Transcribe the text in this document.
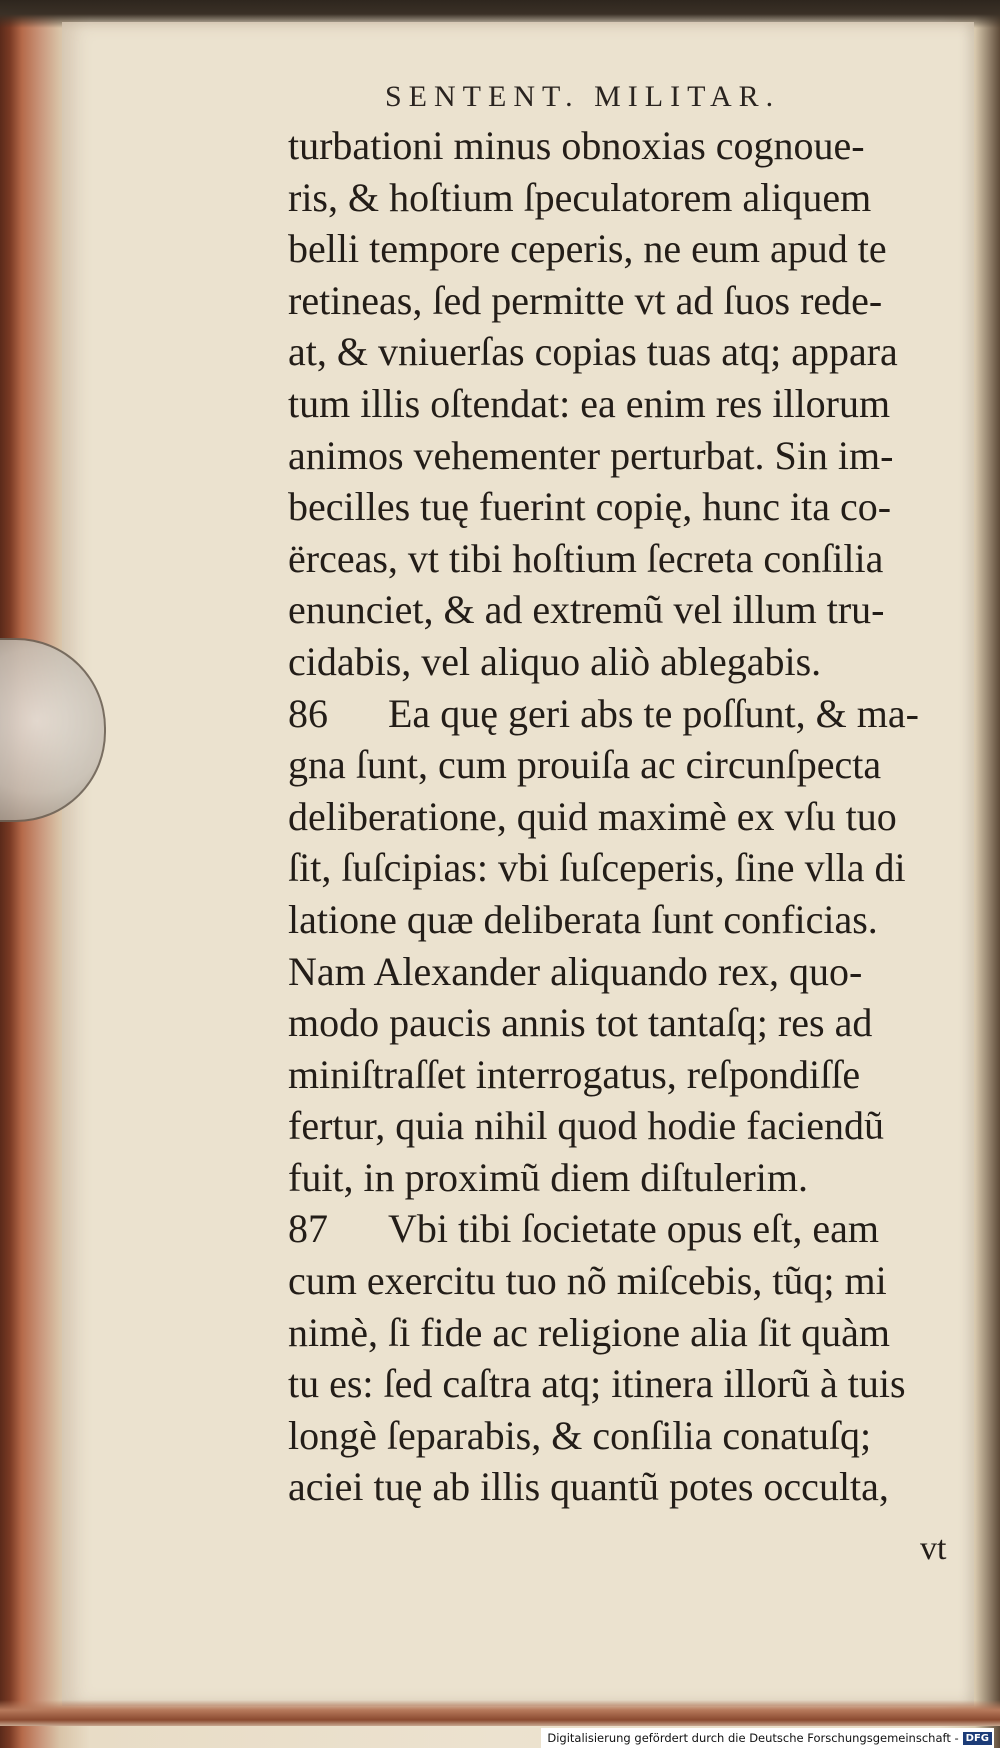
SENTENT. MILITAR.
turbationi minus obnoxias cognoue-
ris, & hoſtium ſpeculatorem aliquem
belli tempore ceperis, ne eum apud te
retineas, ſed permitte vt ad ſuos rede-
at, & vniuerſas copias tuas atq; appara
tum illis oſtendat: ea enim res illorum
animos vehementer perturbat. Sin im-
becilles tuę fuerint copię, hunc ita co-
ërceas, vt tibi hoſtium ſecreta conſilia
enunciet, & ad extremũ vel illum tru-
cidabis, vel aliquo aliò ablegabis.
86 Ea quę geri abs te poſſunt, & ma-
gna ſunt, cum prouiſa ac circunſpecta
deliberatione, quid maximè ex vſu tuo
ſit, ſuſcipias: vbi ſuſceperis, ſine vlla di
latione quæ deliberata ſunt conficias.
Nam Alexander aliquando rex, quo-
modo paucis annis tot tantaſq; res ad
miniſtraſſet interrogatus, reſpondiſſe
fertur, quia nihil quod hodie faciendũ
fuit, in proximũ diem diſtulerim.
87 Vbi tibi ſocietate opus eſt, eam
cum exercitu tuo nõ miſcebis, tũq; mi
nimè, ſi fide ac religione alia ſit quàm
tu es: ſed caſtra atq; itinera illorũ à tuis
longè ſeparabis, & conſilia conatuſq;
aciei tuę ab illis quantũ potes occulta,
vt
Digitalisierung gefördert durch die Deutsche Forschungsgemeinschaft - DFG
